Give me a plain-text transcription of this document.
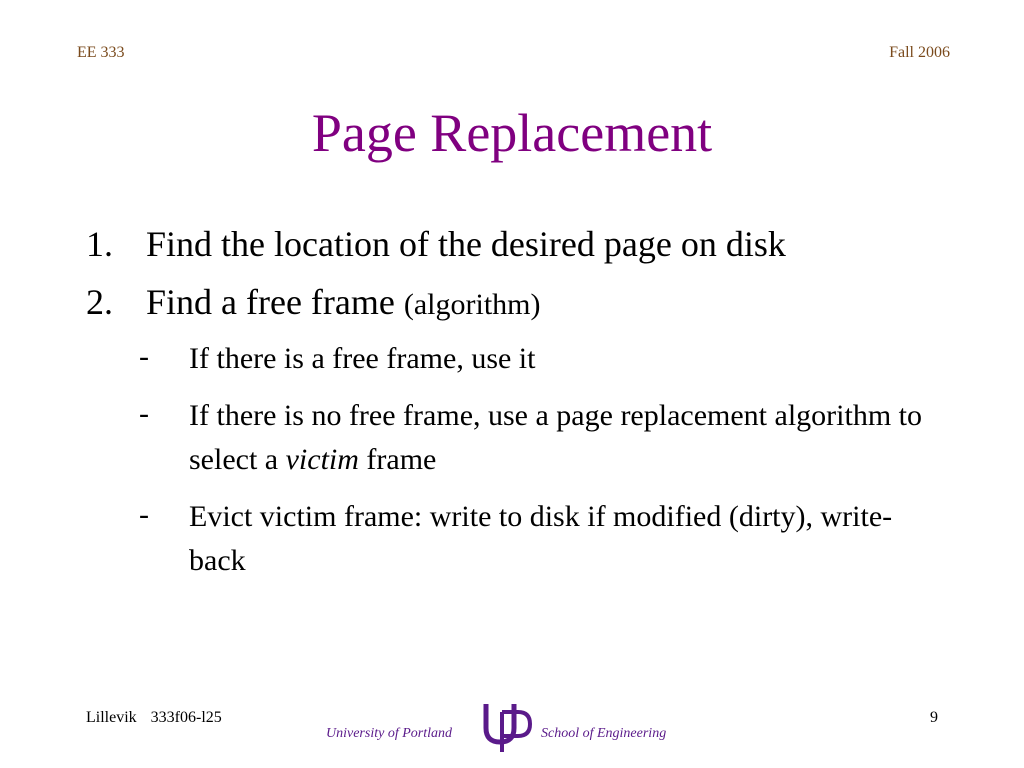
EE 333	Fall 2006
Page Replacement
1. Find the location of the desired page on disk
2. Find a free frame (algorithm)
- If there is a free frame, use it
- If there is no free frame, use a page replacement algorithm to select a victim frame
- Evict victim frame: write to disk if modified (dirty), write-back
Lillevik 333f06-l25
University of Portland	School of Engineering
9
